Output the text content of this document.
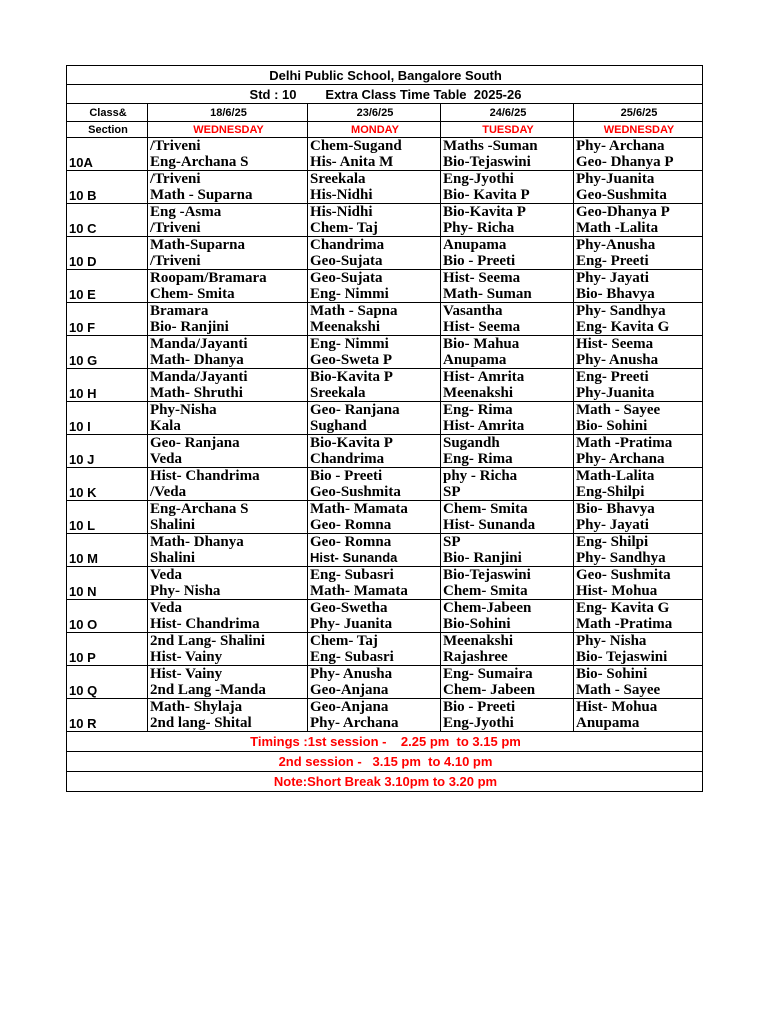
Delhi Public School, Bangalore South				
Std : 10        Extra Class Time Table  2025-26				
Class&	18/6/25	23/6/25	24/6/25	25/6/25
Section	WEDNESDAY	MONDAY	TUESDAY	WEDNESDAY
10A	/Triveni	Chem-Sugand	Maths -Suman	Phy- Archana
	Eng-Archana S	His- Anita M	Bio-Tejaswini	Geo- Dhanya P
10 B	/Triveni	Sreekala	Eng-Jyothi	Phy-Juanita
	Math - Suparna	His-Nidhi	Bio- Kavita P	Geo-Sushmita
10 C	Eng -Asma	His-Nidhi	Bio-Kavita P	Geo-Dhanya P
	/Triveni	Chem- Taj	Phy- Richa	Math -Lalita
10 D	Math-Suparna	Chandrima	Anupama	Phy-Anusha
	/Triveni	Geo-Sujata	Bio - Preeti	Eng- Preeti
10 E	Roopam/Bramara	Geo-Sujata	Hist- Seema	Phy- Jayati
	Chem- Smita	Eng- Nimmi	Math- Suman	Bio- Bhavya
10 F	Bramara	Math - Sapna	Vasantha	Phy- Sandhya
	Bio- Ranjini	Meenakshi	Hist- Seema	Eng- Kavita G
10 G	Manda/Jayanti	Eng- Nimmi	Bio- Mahua	Hist- Seema
	Math- Dhanya	Geo-Sweta P	Anupama	Phy- Anusha
10 H	Manda/Jayanti	Bio-Kavita P	Hist- Amrita	Eng- Preeti
	Math- Shruthi	Sreekala	Meenakshi	Phy-Juanita
10 I	Phy-Nisha	Geo- Ranjana	Eng- Rima	Math - Sayee
	Kala	Sughand	Hist- Amrita	Bio- Sohini
10 J	Geo- Ranjana	Bio-Kavita P	Sugandh	Math -Pratima
	Veda	Chandrima	Eng- Rima	Phy- Archana
10 K	Hist- Chandrima	Bio - Preeti	phy - Richa	Math-Lalita
	/Veda	Geo-Sushmita	SP	Eng-Shilpi
10 L	Eng-Archana S	Math- Mamata	Chem- Smita	Bio- Bhavya
	Shalini	Geo- Romna	Hist- Sunanda	Phy- Jayati
10 M	Math- Dhanya	Geo- Romna	SP	Eng- Shilpi
	Shalini	Hist- Sunanda	Bio- Ranjini	Phy- Sandhya
10 N	Veda	Eng- Subasri	Bio-Tejaswini	Geo- Sushmita
	Phy- Nisha	Math- Mamata	Chem- Smita	Hist- Mohua
10 O	Veda	Geo-Swetha	Chem-Jabeen	Eng- Kavita G
	Hist- Chandrima	Phy- Juanita	Bio-Sohini	Math -Pratima
10 P	2nd Lang- Shalini	Chem- Taj	Meenakshi	Phy- Nisha
	Hist- Vainy	Eng- Subasri	Rajashree	Bio- Tejaswini
10 Q	Hist- Vainy	Phy- Anusha	Eng- Sumaira	Bio- Sohini
	2nd Lang -Manda	Geo-Anjana	Chem- Jabeen	Math - Sayee
10 R	Math- Shylaja	Geo-Anjana	Bio - Preeti	Hist- Mohua
	2nd lang- Shital	Phy- Archana	Eng-Jyothi	Anupama
Timings :1st session -    2.25 pm  to 3.15 pm				
2nd session -   3.15 pm  to 4.10 pm				
Note:Short Break 3.10pm to 3.20 pm				
